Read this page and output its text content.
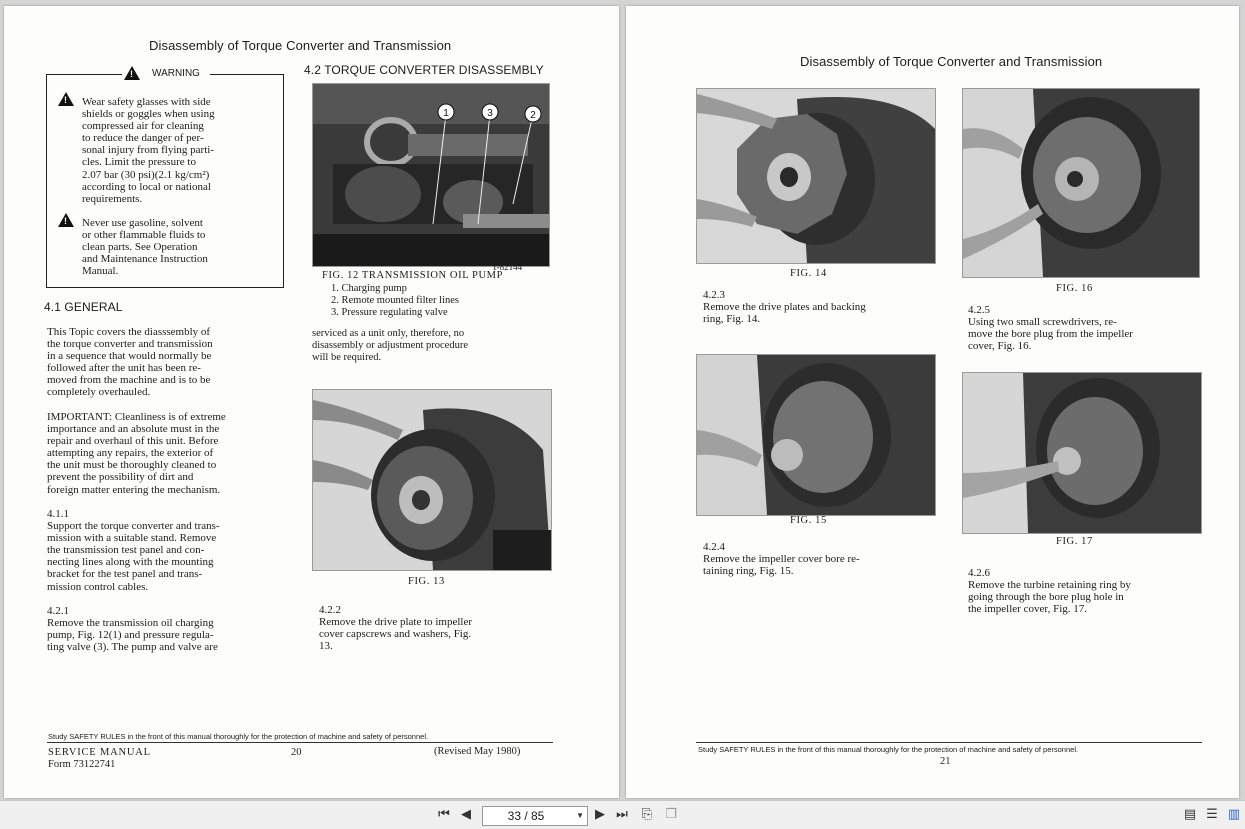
Disassembly of Torque Converter and Transmission
!
WARNING
!
Wear safety glasses with side
shields or goggles when using
compressed air for cleaning
to reduce the danger of per-
sonal injury from flying parti-
cles. Limit the pressure to
2.07 bar (30 psi)(2.1 kg/cm²)
according to local or national
requirements.
!
Never use gasoline, solvent
or other flammable fluids to
clean parts. See Operation
and Maintenance Instruction
Manual.
4.2 TORQUE CONVERTER DISASSEMBLY
1	3	2
T-82144
FIG. 12 TRANSMISSION OIL PUMP
1. Charging pump
2. Remote mounted filter lines
3. Pressure regulating valve
4.1 GENERAL
This Topic covers the diasssembly of
the torque converter and transmission
in a sequence that would normally be
followed after the unit has been re-
moved from the machine and is to be
completely overhauled.
IMPORTANT: Cleanliness is of extreme
importance and an absolute must in the
repair and overhaul of this unit. Before
attempting any repairs, the exterior of
the unit must be thoroughly cleaned to
prevent the possibility of dirt and
foreign matter entering the mechanism.
4.1.1
Support the torque converter and trans-
mission with a suitable stand. Remove
the transmission test panel and con-
necting lines along with the mounting
bracket for the test panel and trans-
mission control cables.
serviced as a unit only, therefore, no
disassembly or adjustment procedure
will be required.
FIG. 13
4.2.1
Remove the transmission oil charging
pump, Fig. 12(1) and pressure regula-
ting valve (3). The pump and valve are
4.2.2
Remove the drive plate to impeller
cover capscrews and washers, Fig.
13.
Study SAFETY RULES in the front of this manual thoroughly for the protection of machine and safety of personnel.
SERVICE MANUAL	20	(Revised May 1980)
Form 73122741
Disassembly of Torque Converter and Transmission
FIG. 14
FIG. 16
4.2.3
Remove the drive plates and backing
ring, Fig. 14.
4.2.5
Using two small screwdrivers, re-
move the bore plug from the impeller
cover, Fig. 16.
FIG. 15
FIG. 17
4.2.4
Remove the impeller cover bore re-
taining ring, Fig. 15.	4.2.6
Remove the turbine retaining ring by
going through the bore plug hole in
the impeller cover, Fig. 17.
Study SAFETY RULES in the front of this manual thoroughly for the protection of machine and safety of personnel.
21
⏮ ◀	33 / 85	▼ ▶ ⏭ ⎘ ❐	▤ ☰ ▥
